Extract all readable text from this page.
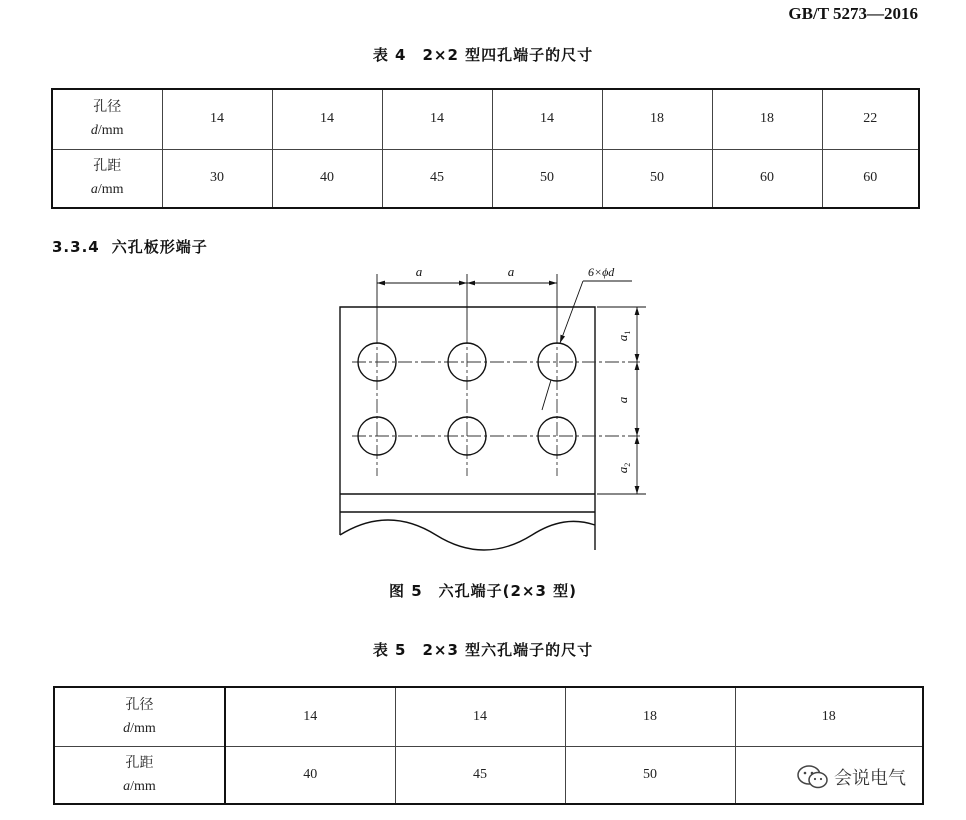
GB/T 5273—2016
表 4　2×2 型四孔端子的尺寸
孔径
d/mm	14	14	14	14	18	18	22

孔距
a/mm	30	40	45	50	50	60	60
3.3.4 六孔板形端子
a	a	6×ϕd
$a_1$
a
$a_2$
图 5　六孔端子(2×3 型)
表 5　2×3 型六孔端子的尺寸
孔径
d/mm	14	14	18	18

孔距
a/mm	40	45	50		会说电气
